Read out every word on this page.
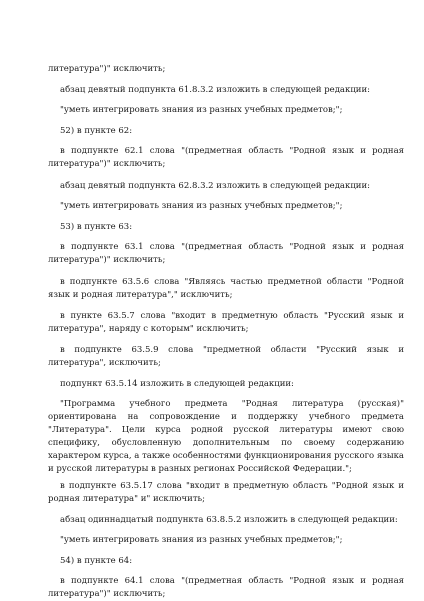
литература")" исключить;

абзац девятый подпункта 61.8.3.2 изложить в следующей редакции:

"уметь интегрировать знания из разных учебных предметов;";

52) в пункте 62:

в подпункте 62.1 слова "(предметная область "Родной язык и родная литература")" исключить;

абзац девятый подпункта 62.8.3.2 изложить в следующей редакции:

"уметь интегрировать знания из разных учебных предметов;";

53) в пункте 63:

в подпункте 63.1 слова "(предметная область "Родной язык и родная литература")" исключить;

в подпункте 63.5.6 слова "Являясь частью предметной области "Родной язык и родная литература"," исключить;

в пункте 63.5.7 слова "входит в предметную область "Русский язык и литература", наряду с которым" исключить;

в подпункте 63.5.9 слова "предметной области "Русский язык и литература", исключить;

подпункт 63.5.14 изложить в следующей редакции:

"Программа учебного предмета "Родная литература (русская)" ориентирована на сопровождение и поддержку учебного предмета "Литература". Цели курса родной русской литературы имеют свою специфику, обусловленную дополнительным по своему содержанию характером курса, а также особенностями функционирования русского языка и русской литературы в разных регионах Российской Федерации.";

в подпункте 63.5.17 слова "входит в предметную область "Родной язык и родная литература" и" исключить;

абзац одиннадцатый подпункта 63.8.5.2 изложить в следующей редакции:

"уметь интегрировать знания из разных учебных предметов;";

54) в пункте 64:

в подпункте 64.1 слова "(предметная область "Родной язык и родная литература")" исключить;
